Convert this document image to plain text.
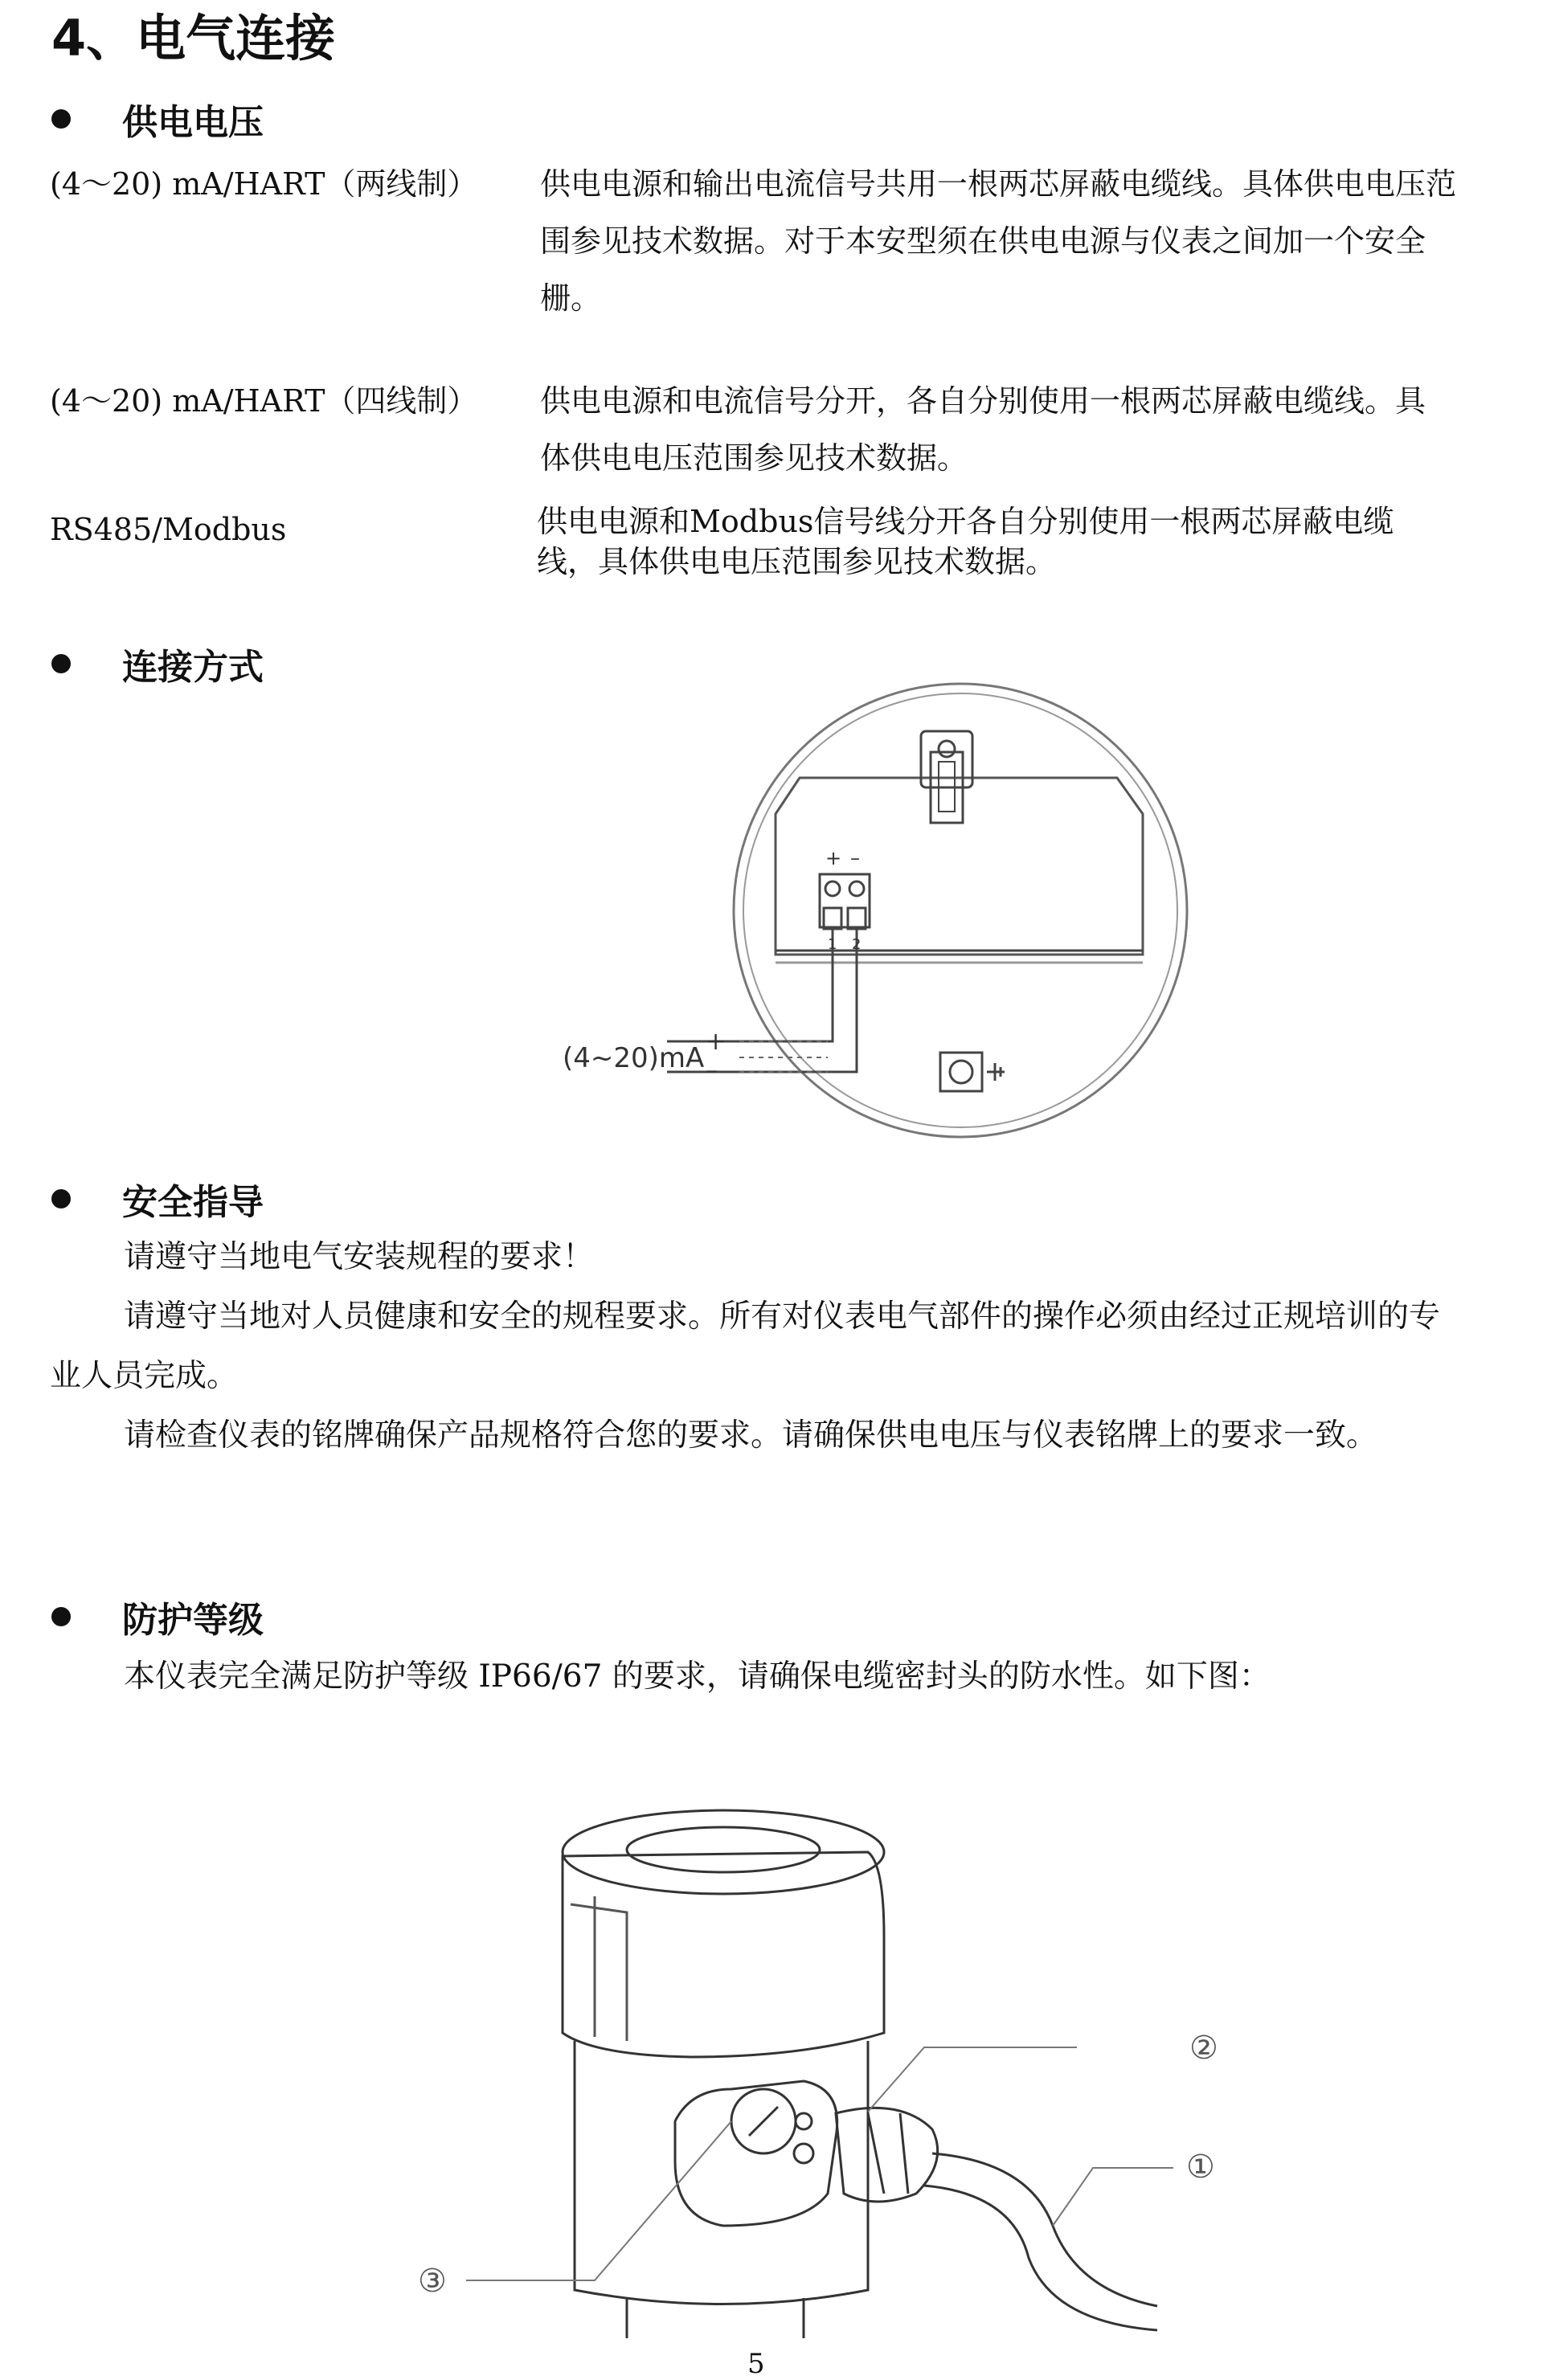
4、电气连接
供电电压
(4～20) mA/HART（两线制） 供电电源和输出电流信号共用一根两芯屏蔽电缆线。具体供电电压范围参见技术数据。对于本安型须在供电电源与仪表之间加一个安全栅。
(4～20) mA/HART（四线制） 供电电源和电流信号分开，各自分别使用一根两芯屏蔽电缆线。具体供电电压范围参见技术数据。
RS485/Modbus	供电电源和Modbus信号线分开各自分别使用一根两芯屏蔽电缆线，具体供电电压范围参见技术数据。
连接方式
(4~20)mA
+
–
+ –
1 2
安全指导
请遵守当地电气安装规程的要求！
请遵守当地对人员健康和安全的规程要求。所有对仪表电气部件的操作必须由经过正规培训的专业人员完成。
请检查仪表的铭牌确保产品规格符合您的要求。请确保供电电压与仪表铭牌上的要求一致。
防护等级
本仪表完全满足防护等级 IP66/67 的要求，请确保电缆密封头的防水性。如下图：
②
①
③
5
